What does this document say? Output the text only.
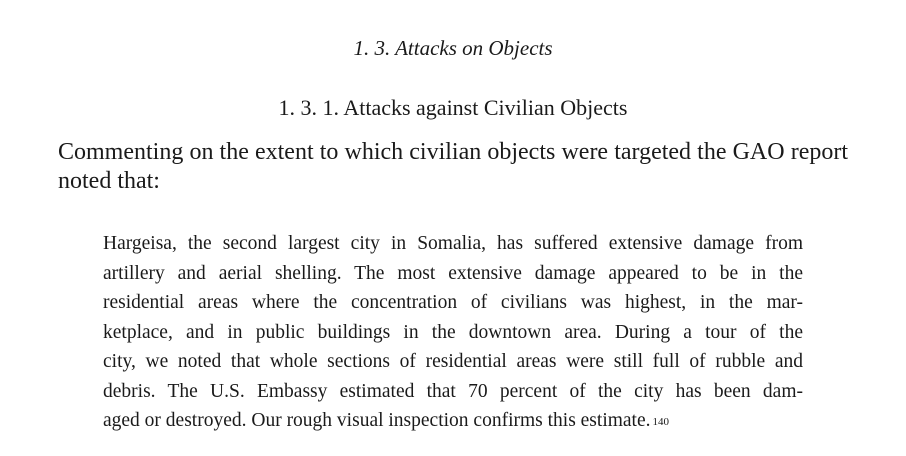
1. 3. Attacks on Objects
1. 3. 1. Attacks against Civilian Objects

Commenting on the extent to which civilian objects were targeted the GAO report noted that:

Hargeisa, the second largest city in Somalia, has suffered extensive damage from
artillery and aerial shelling. The most extensive damage appeared to be in the
residential areas where the concentration of civilians was highest, in the mar-
ketplace, and in public buildings in the downtown area. During a tour of the
city, we noted that whole sections of residential areas were still full of rubble and
debris. The U.S. Embassy estimated that 70 percent of the city has been dam-
aged or destroyed. Our rough visual inspection confirms this estimate. $^{140}$
